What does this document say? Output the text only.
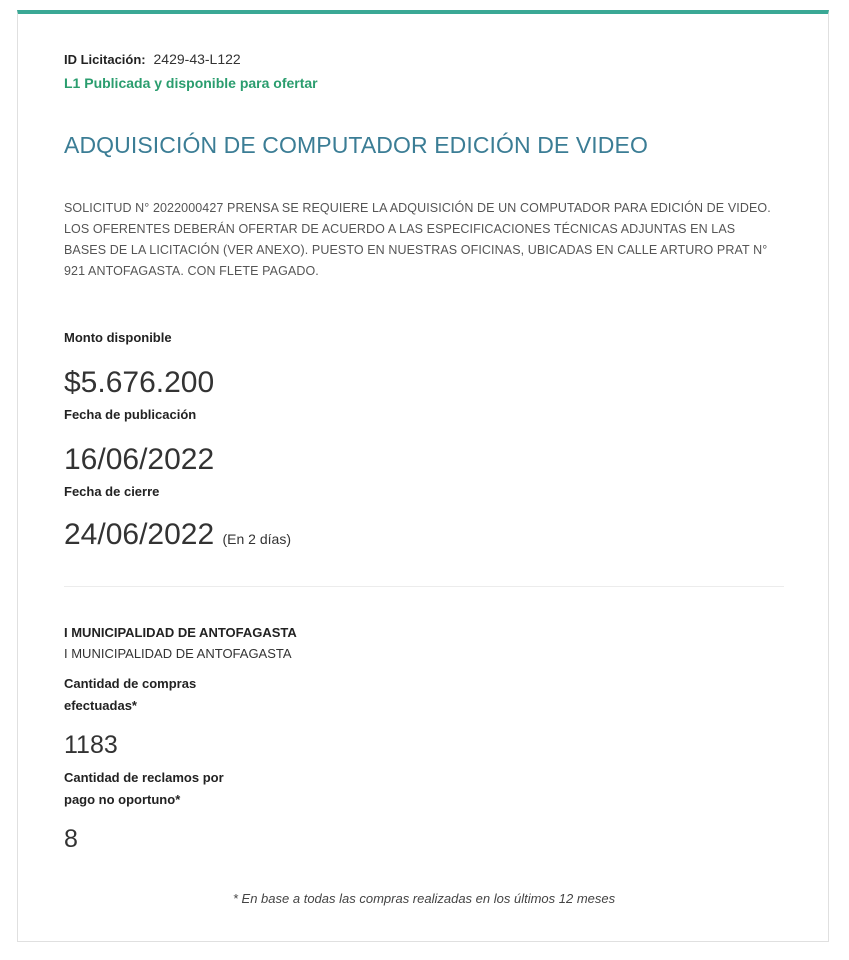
ID Licitación: 2429-43-L122
L1 Publicada y disponible para ofertar
ADQUISICIÓN DE COMPUTADOR EDICIÓN DE VIDEO
SOLICITUD N° 2022000427 PRENSA SE REQUIERE LA ADQUISICIÓN DE UN COMPUTADOR PARA EDICIÓN DE VIDEO. LOS OFERENTES DEBERÁN OFERTAR DE ACUERDO A LAS ESPECIFICACIONES TÉCNICAS ADJUNTAS EN LAS BASES DE LA LICITACIÓN (VER ANEXO). PUESTO EN NUESTRAS OFICINAS, UBICADAS EN CALLE ARTURO PRAT N° 921 ANTOFAGASTA. CON FLETE PAGADO.
Monto disponible
$5.676.200
Fecha de publicación
16/06/2022
Fecha de cierre
24/06/2022 (En 2 días)
I MUNICIPALIDAD DE ANTOFAGASTA
I MUNICIPALIDAD DE ANTOFAGASTA
Cantidad de compras efectuadas*
1183
Cantidad de reclamos por pago no oportuno*
8
* En base a todas las compras realizadas en los últimos 12 meses
